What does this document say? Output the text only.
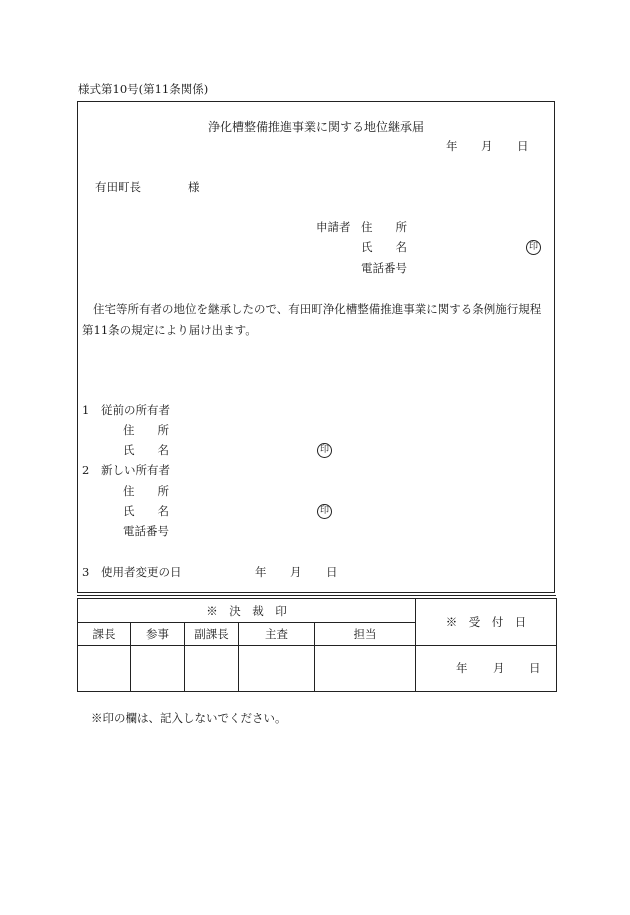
様式第10号(第11条関係)
浄化槽整備推進事業に関する地位継承届
年 月 日
有田町長	様
申請者 住　　所
氏　　名	印
電話番号
住宅等所有者の地位を継承したので、有田町浄化槽整備推進事業に関する条例施行規程
第11条の規定により届け出ます。
1 従前の所有者
住　　所
氏　　名	印
2 新しい所有者
住　　所
氏　　名	印
電話番号
3 使用者変更の日	年 月 日
※　決　裁　印					※　受　付　日
課長	参事	副課長	主査	担当	

					年 月 日
※印の欄は、記入しないでください。
